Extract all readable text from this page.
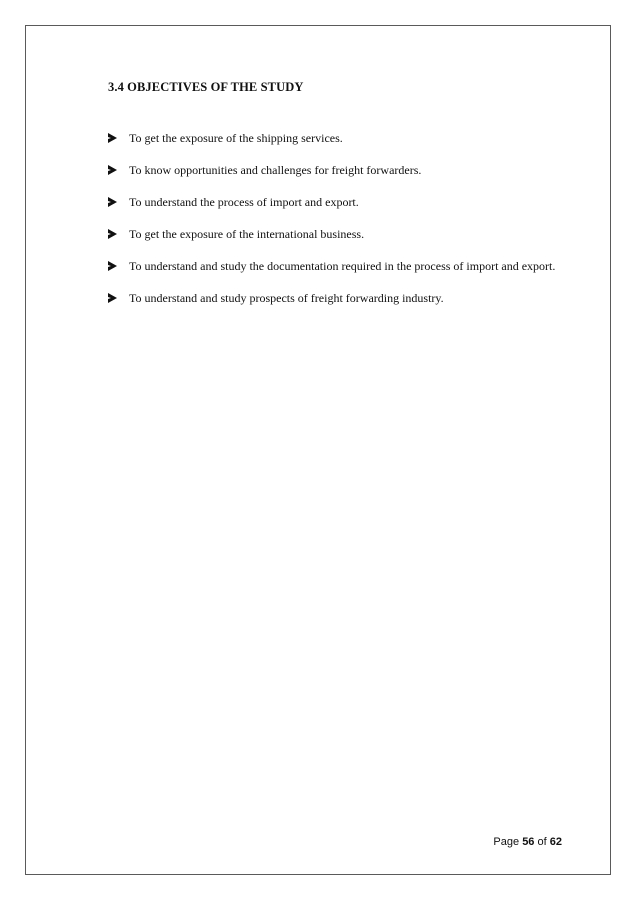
3.4 OBJECTIVES OF THE STUDY
To get the exposure of the shipping services.
To know opportunities and challenges for freight forwarders.
To understand the process of import and export.
To get the exposure of the international business.
To understand and study the documentation required in the process of import and export.
To understand and study prospects of freight forwarding industry.
Page 56 of 62
